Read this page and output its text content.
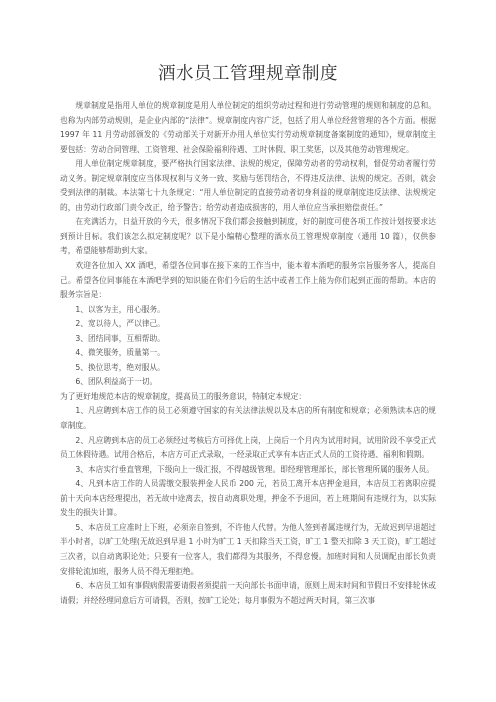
酒水员工管理规章制度

规章制度是指用人单位的规章制度是用人单位制定的组织劳动过程和进行劳动管理的规则和制度的总和。也称为内部劳动规则，是企业内部的“法律”。规章制度内容广泛，包括了用人单位经营管理的各个方面。根据 1997 年 11 月劳动部颁发的《劳动部关于对新开办用人单位实行劳动规章制度备案制度的通知》，规章制度主要包括：劳动合同管理、工资管理、社会保险福利待遇、工时休假、职工奖惩，以及其他劳动管理规定。

用人单位制定规章制度，要严格执行国家法律、法规的规定，保障劳动者的劳动权利，督促劳动者履行劳动义务。制定规章制度应当体现权利与义务一致、奖励与惩罚结合，不得违反法律、法规的规定。否则，就会受到法律的制裁。本法第七十九条规定：“用人单位制定的直接劳动者切身利益的规章制度违反法律、法规规定的，由劳动行政部门责令改正，给予警告；给劳动者造成损害的，用人单位应当承担赔偿责任。”

在充满活力，日益开放的今天，很多情况下我们都会接触到制度，好的制度可使各项工作按计划按要求达到预计目标。我们该怎么拟定制度呢？以下是小编精心整理的酒水员工管理规章制度（通用 10 篇），仅供参考，希望能够帮助到大家。

欢迎各位加入 XX 酒吧，希望各位同事在接下来的工作当中，能本着本酒吧的服务宗旨服务客人，提高自己。希望各位同事能在本酒吧学到的知识能在你们今后的生活中或者工作上能为你们起到正面的帮助。本店的服务宗旨是：

1、以客为主，用心服务。

2、宽以待人，严以律己。

3、团结同事，互相帮助。

4、微笑服务，质量第一。

5、换位思考，绝对服从。

6、团队利益高于一切。

为了更好地规范本店的规章制度，提高员工的服务意识，特制定本规定：

1、凡应聘到本店工作的员工必须遵守国家的有关法律法规以及本店的所有制度和规章；必须熟读本店的规章制度。

2、凡应聘到本店的员工必须经过考核后方可择优上岗，上岗后一个月内为试用时间，试用阶段不享受正式员工休假待遇。试用合格后，本店方可正式录取，一经录取正式享有本店正式人员的工资待遇、福利和假期。

3、本店实行垂直管理，下级向上一级汇报，不得越级管理。即经理管理部长，部长管理所属的服务人员。

4、凡到本店工作的人员需缴交服装押金人民币 200 元，若员工离开本店押金退回，本店员工若离职应提前十天向本店经理提出，若无故中途离去，按自动离职处理，押金不予退回，若上班期间有违规行为，以实际发生的损失计算。

5、本店员工应准时上下班，必须亲自签到，不许他人代替。为他人签到者属违规行为，无故迟到早退超过半小时者，以旷工处理(无故迟到早退 1 小时为旷工 1 天扣除当天工资，旷工 1 整天扣除 3 天工资)，旷工超过三次者，以自动离职论处；只要有一位客人，我们都得为其服务，不得怠慢。加班时间和人员调配由部长负责安排轮流加班，服务人员不得无理拒绝。

6、本店员工如有事假病假需要请假者须提前一天向部长书面申请，原则上周末时间和节假日不安排轮休或请假；并经经理同意后方可请假，否则，按旷工论处；每月事假为不超过两天时间，第三次事
